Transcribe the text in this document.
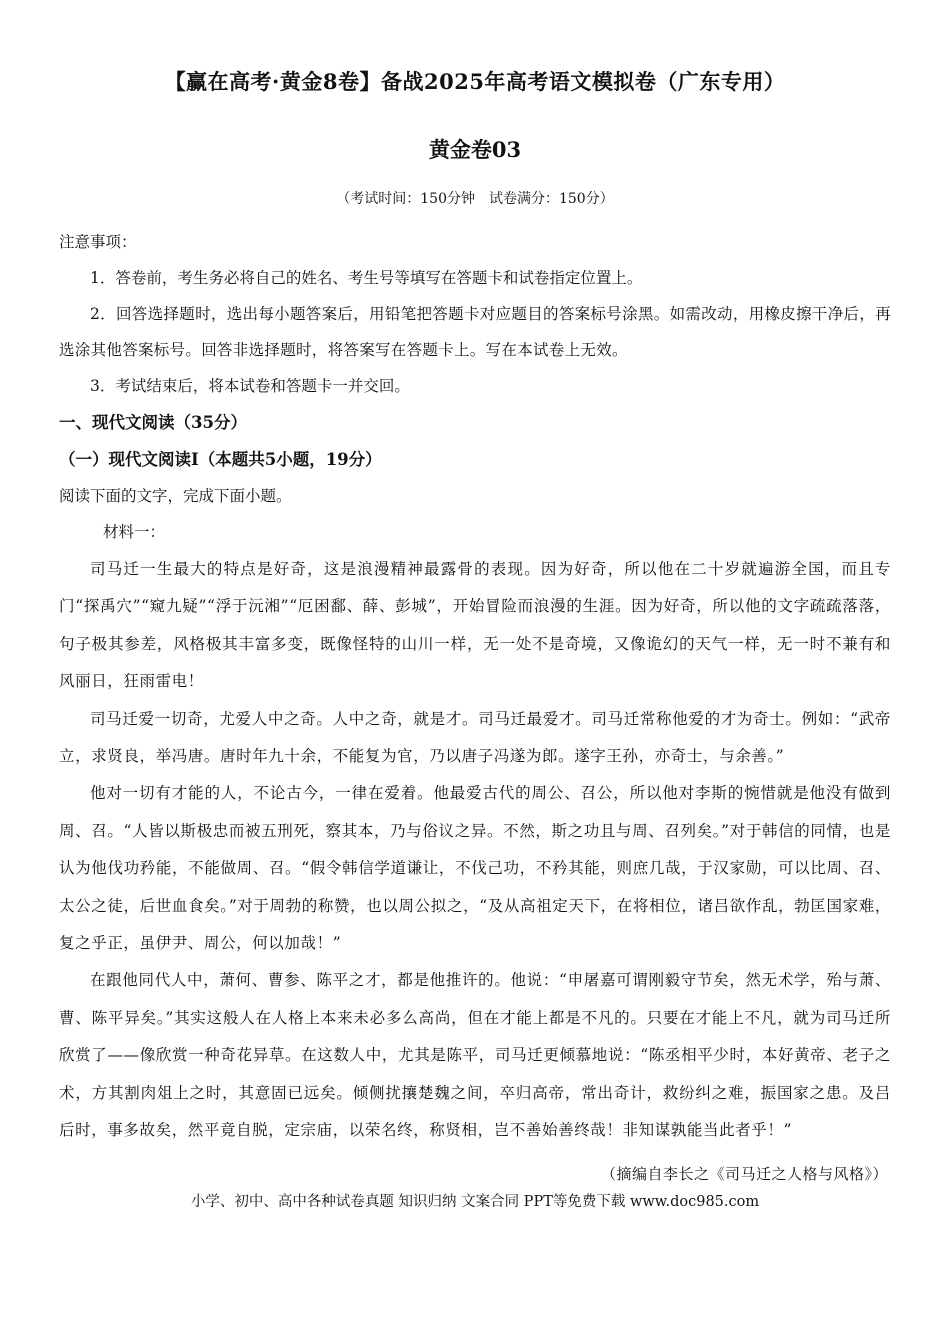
【赢在高考·黄金8卷】备战2025年高考语文模拟卷（广东专用）
黄金卷03
（考试时间：150分钟　试卷满分：150分）

注意事项：

1．答卷前，考生务必将自己的姓名、考生号等填写在答题卡和试卷指定位置上。

2．回答选择题时，选出每小题答案后，用铅笔把答题卡对应题目的答案标号涂黑。如需改动，用橡皮擦干净后，再选涂其他答案标号。回答非选择题时，将答案写在答题卡上。写在本试卷上无效。

3．考试结束后，将本试卷和答题卡一并交回。

一、现代文阅读（35分）

（一）现代文阅读Ⅰ（本题共5小题，19分）

阅读下面的文字，完成下面小题。

材料一：

司马迁一生最大的特点是好奇，这是浪漫精神最露骨的表现。因为好奇，所以他在二十岁就遍游全国，而且专门“探禹穴”“窥九疑”“浮于沅湘”“厄困鄱、薛、彭城”，开始冒险而浪漫的生涯。因为好奇，所以他的文字疏疏落落，句子极其参差，风格极其丰富多变，既像怪特的山川一样，无一处不是奇境，又像诡幻的天气一样，无一时不兼有和风丽日，狂雨雷电！

司马迁爱一切奇，尤爱人中之奇。人中之奇，就是才。司马迁最爱才。司马迁常称他爱的才为奇士。例如：“武帝立，求贤良，举冯唐。唐时年九十余，不能复为官，乃以唐子冯遂为郎。遂字王孙，亦奇士，与余善。”

他对一切有才能的人，不论古今，一律在爱着。他最爱古代的周公、召公，所以他对李斯的惋惜就是他没有做到周、召。“人皆以斯极忠而被五刑死，察其本，乃与俗议之异。不然，斯之功且与周、召列矣。”对于韩信的同情，也是认为他伐功矜能，不能做周、召。“假令韩信学道谦让，不伐己功，不矜其能，则庶几哉，于汉家勋，可以比周、召、太公之徒，后世血食矣。”对于周勃的称赞，也以周公拟之，“及从高祖定天下，在将相位，诸吕欲作乱，勃匡国家难，复之乎正，虽伊尹、周公，何以加哉！”

在跟他同代人中，萧何、曹参、陈平之才，都是他推许的。他说：“申屠嘉可谓刚毅守节矣，然无术学，殆与萧、曹、陈平异矣。”其实这般人在人格上本来未必多么高尚，但在才能上都是不凡的。只要在才能上不凡，就为司马迁所欣赏了——像欣赏一种奇花异草。在这数人中，尤其是陈平，司马迁更倾慕地说：“陈丞相平少时，本好黄帝、老子之术，方其割肉俎上之时，其意固已远矣。倾侧扰攘楚魏之间，卒归高帝，常出奇计，救纷纠之难，振国家之患。及吕后时，事多故矣，然平竟自脱，定宗庙，以荣名终，称贤相，岂不善始善终哉！非知谋孰能当此者乎！”

（摘编自李长之《司马迁之人格与风格》）
小学、初中、高中各种试卷真题 知识归纳 文案合同 PPT等免费下载 www.doc985.com
